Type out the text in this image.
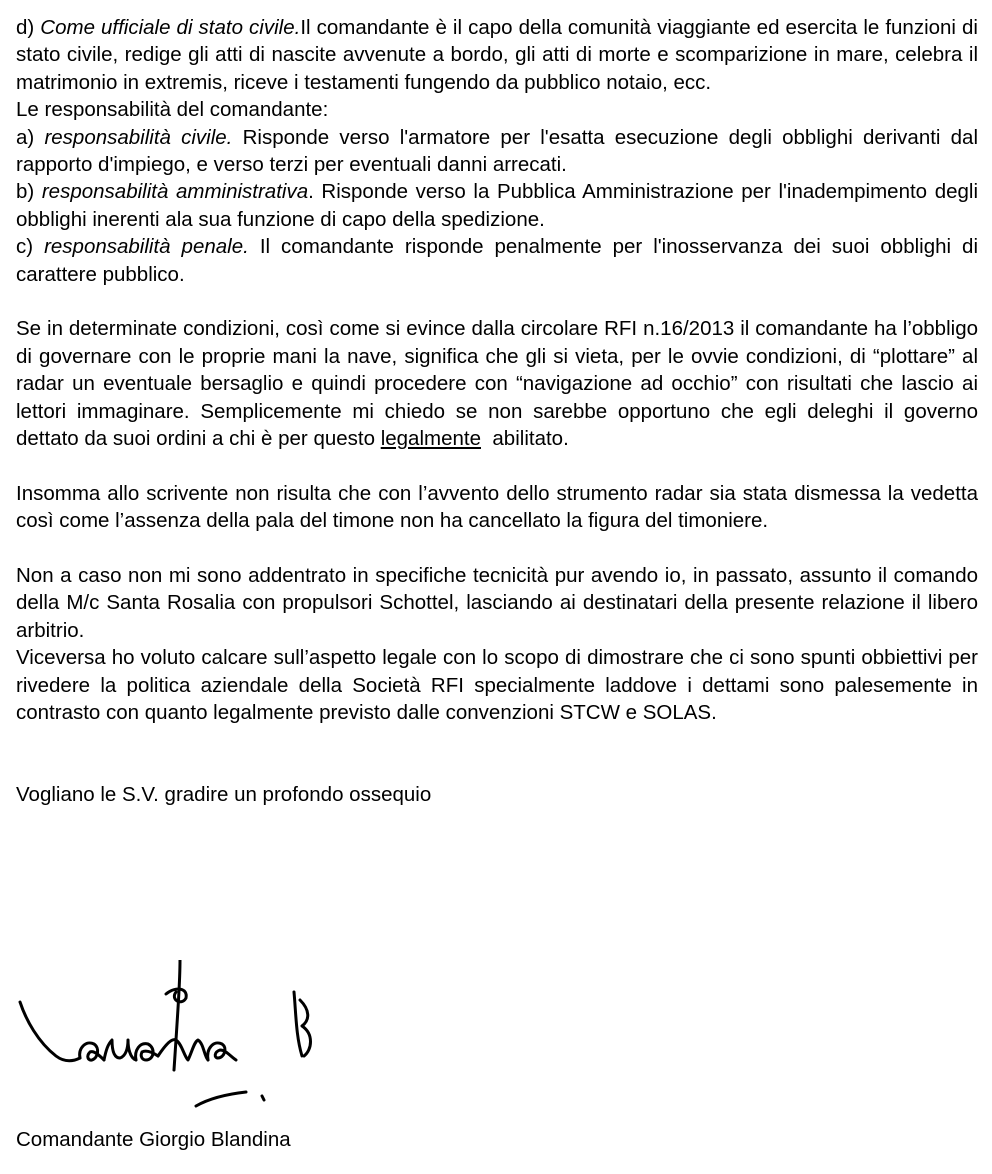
d) Come ufficiale di stato civile.Il comandante è il capo della comunità viaggiante ed esercita le funzioni di stato civile, redige gli atti di nascite avvenute a bordo, gli atti di morte e scomparizione in mare, celebra il matrimonio in extremis, riceve i testamenti fungendo da pubblico notaio, ecc.

Le responsabilità del comandante:

a) responsabilità civile. Risponde verso l'armatore per l'esatta esecuzione degli obblighi derivanti dal rapporto d'impiego, e verso terzi per eventuali danni arrecati.

b) responsabilità amministrativa. Risponde verso la Pubblica Amministrazione per l'inadempimento degli obblighi inerenti ala sua funzione di capo della spedizione.

c) responsabilità penale. Il comandante risponde penalmente per l'inosservanza dei suoi obblighi di carattere pubblico.

Se in determinate condizioni, così come si evince dalla circolare RFI n.16/2013 il comandante ha l’obbligo di governare con le proprie mani la nave, significa che gli si vieta, per le ovvie condizioni, di “plottare” al radar un eventuale bersaglio e quindi procedere con “navigazione ad occhio” con risultati che lascio ai lettori immaginare. Semplicemente mi chiedo se non sarebbe opportuno che egli deleghi il governo dettato da suoi ordini a chi è per questo legalmente abilitato.

Insomma allo scrivente non risulta che con l’avvento dello strumento radar sia stata dismessa la vedetta così come l’assenza della pala del timone non ha cancellato la figura del timoniere.

Non a caso non mi sono addentrato in specifiche tecnicità pur avendo io, in passato, assunto il comando della M/c Santa Rosalia con propulsori Schottel, lasciando ai destinatari della presente relazione il libero arbitrio.

Viceversa ho voluto calcare sull’aspetto legale con lo scopo di dimostrare che ci sono spunti obbiettivi per rivedere la politica aziendale della Società RFI specialmente laddove i dettami sono palesemente in contrasto con quanto legalmente previsto dalle convenzioni STCW e SOLAS.

Vogliano le S.V. gradire un profondo ossequio

Comandante Giorgio Blandina
